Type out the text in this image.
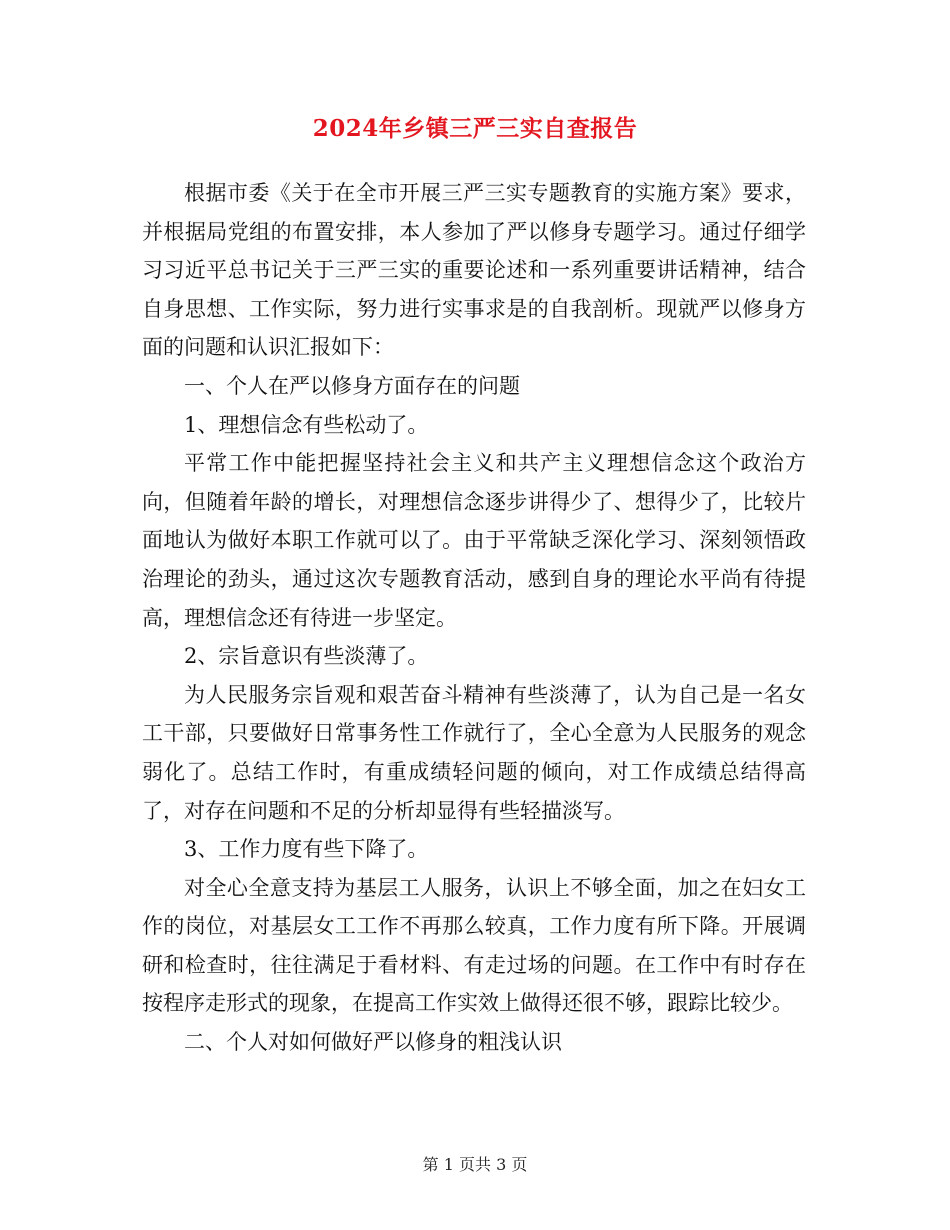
2024年乡镇三严三实自查报告

根据市委《关于在全市开展三严三实专题教育的实施方案》要求，并根据局党组的布置安排，本人参加了严以修身专题学习。通过仔细学习习近平总书记关于三严三实的重要论述和一系列重要讲话精神，结合自身思想、工作实际，努力进行实事求是的自我剖析。现就严以修身方面的问题和认识汇报如下：

一、个人在严以修身方面存在的问题

1、理想信念有些松动了。

平常工作中能把握坚持社会主义和共产主义理想信念这个政治方向，但随着年龄的增长，对理想信念逐步讲得少了、想得少了，比较片面地认为做好本职工作就可以了。由于平常缺乏深化学习、深刻领悟政治理论的劲头，通过这次专题教育活动，感到自身的理论水平尚有待提高，理想信念还有待进一步坚定。

2、宗旨意识有些淡薄了。

为人民服务宗旨观和艰苦奋斗精神有些淡薄了，认为自己是一名女工干部，只要做好日常事务性工作就行了，全心全意为人民服务的观念弱化了。总结工作时，有重成绩轻问题的倾向，对工作成绩总结得高了，对存在问题和不足的分析却显得有些轻描淡写。

3、工作力度有些下降了。

对全心全意支持为基层工人服务，认识上不够全面，加之在妇女工作的岗位，对基层女工工作不再那么较真，工作力度有所下降。开展调研和检查时，往往满足于看材料、有走过场的问题。在工作中有时存在按程序走形式的现象，在提高工作实效上做得还很不够，跟踪比较少。

二、个人对如何做好严以修身的粗浅认识

第 1 页共 3 页
